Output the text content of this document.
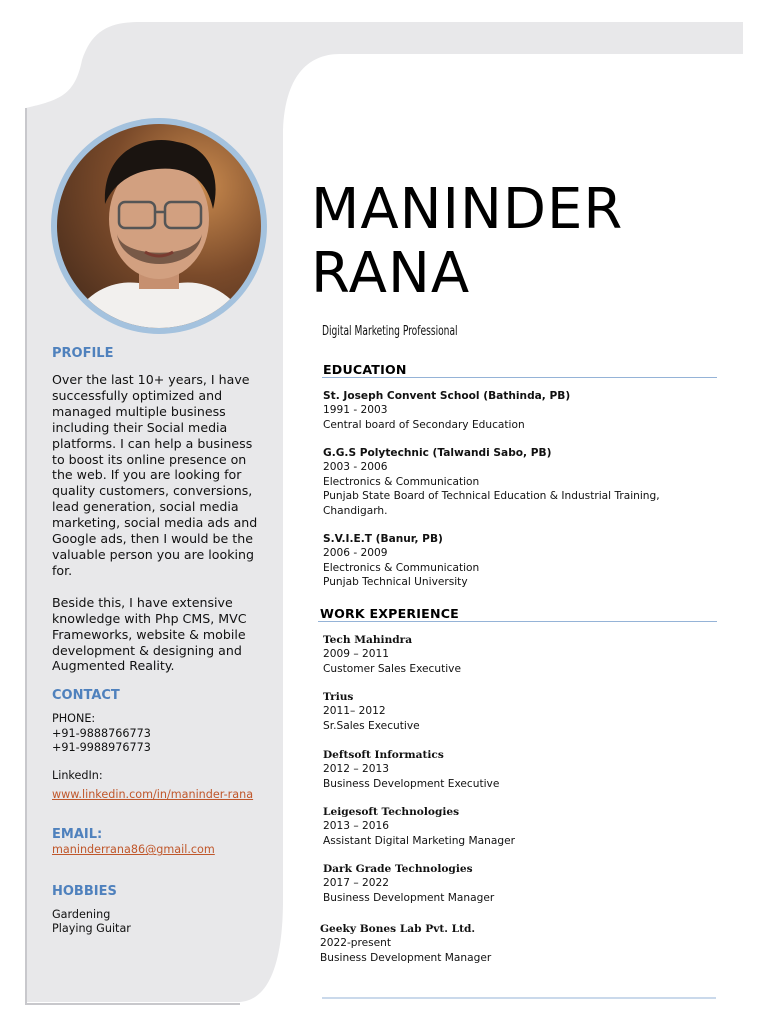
PROFILE

Over the last 10+ years, I have successfully optimized and managed multiple business including their Social media platforms. I can help a business to boost its online presence on the web. If you are looking for quality customers, conversions, lead generation, social media marketing, social media ads and Google ads, then I would be the valuable person you are looking for.

Beside this, I have extensive knowledge with Php CMS, MVC Frameworks, website & mobile development & designing and Augmented Reality.

CONTACT

PHONE:
+91-9888766773
+91-9988976773
LinkedIn:
www.linkedin.com/in/maninder-rana

EMAIL:

maninderrana86@gmail.com

HOBBIES

Gardening
Playing Guitar
MANINDER
RANA
Digital Marketing Professional
EDUCATION
St. Joseph Convent School (Bathinda, PB)
1991 - 2003
Central board of Secondary Education
G.G.S Polytechnic (Talwandi Sabo, PB)
2003 - 2006
Electronics & Communication
Punjab State Board of Technical Education & Industrial Training,
Chandigarh.
S.V.I.E.T (Banur, PB)
2006 - 2009
Electronics & Communication
Punjab Technical University
WORK EXPERIENCE
Tech Mahindra
2009 – 2011
Customer Sales Executive
Trius
2011– 2012
Sr.Sales Executive
Deftsoft Informatics
2012 – 2013
Business Development Executive
Leigesoft Technologies
2013 – 2016
Assistant Digital Marketing Manager
Dark Grade Technologies
2017 – 2022
Business Development Manager
Geeky Bones Lab Pvt. Ltd.
2022-present
Business Development Manager
